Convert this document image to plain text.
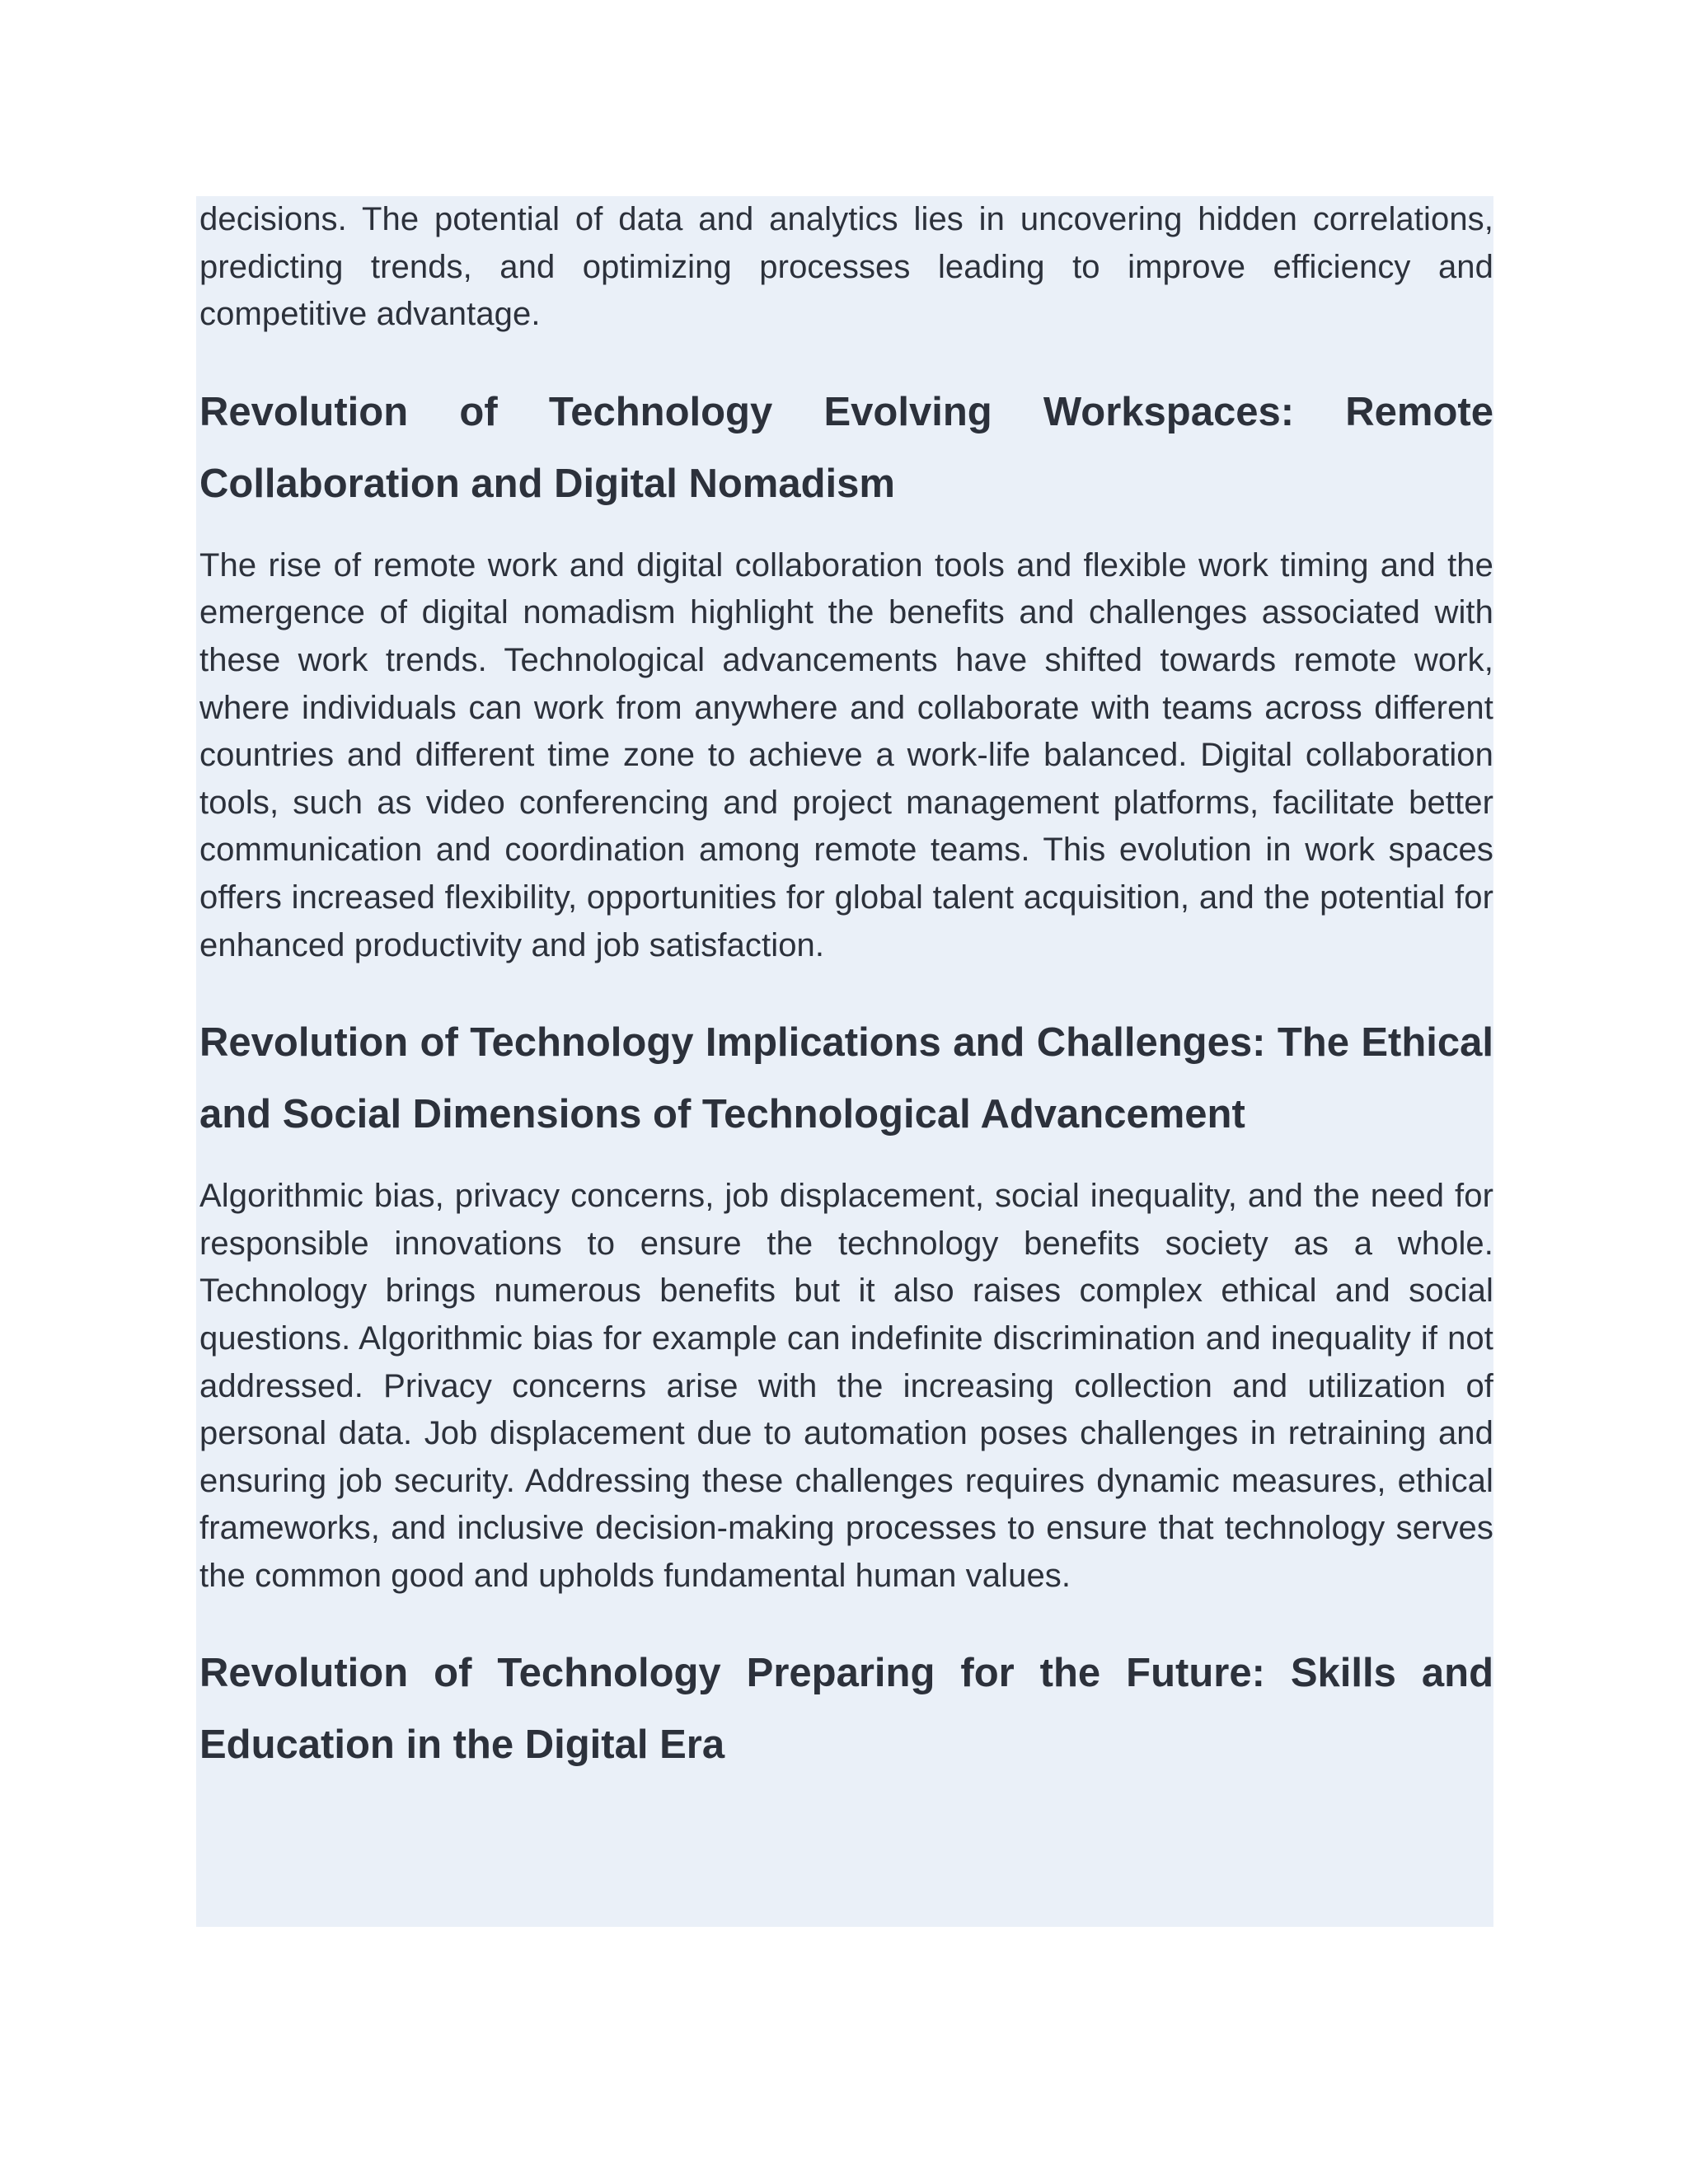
decisions. The potential of data and analytics lies in uncovering hidden correlations, predicting trends, and optimizing processes leading to improve efficiency and competitive advantage.

Revolution of Technology Evolving Workspaces: Remote Collaboration and Digital Nomadism

The rise of remote work and digital collaboration tools and flexible work timing and the emergence of digital nomadism highlight the benefits and challenges associated with these work trends. Technological advancements have shifted towards remote work, where individuals can work from anywhere and collaborate with teams across different countries and different time zone to achieve a work-life balanced. Digital collaboration tools, such as video conferencing and project management platforms, facilitate better communication and coordination among remote teams. This evolution in work spaces offers increased flexibility, opportunities for global talent acquisition, and the potential for enhanced productivity and job satisfaction.

Revolution of Technology Implications and Challenges: The Ethical and Social Dimensions of Technological Advancement

Algorithmic bias, privacy concerns, job displacement, social inequality, and the need for responsible innovations to ensure the technology benefits society as a whole. Technology brings numerous benefits but it also raises complex ethical and social questions. Algorithmic bias for example can indefinite discrimination and inequality if not addressed. Privacy concerns arise with the increasing collection and utilization of personal data. Job displacement due to automation poses challenges in retraining and ensuring job security. Addressing these challenges requires dynamic measures, ethical frameworks, and inclusive decision-making processes to ensure that technology serves the common good and upholds fundamental human values.

Revolution of Technology Preparing for the Future: Skills and Education in the Digital Era
